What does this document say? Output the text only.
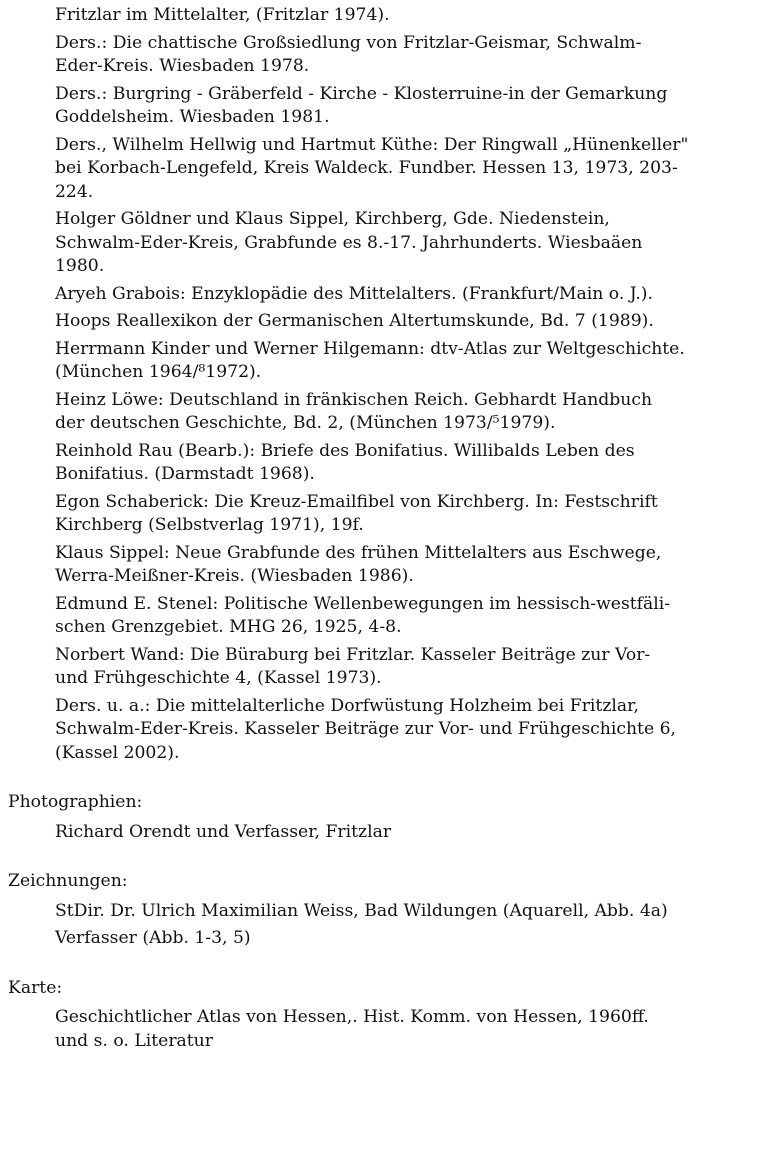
Fritzlar im Mittelalter, (Fritzlar 1974).
Ders.: Die chattische Großsiedlung von Fritzlar-Geismar, Schwalm-
Eder-Kreis. Wiesbaden 1978.
Ders.: Burgring - Gräberfeld - Kirche - Klosterruine-in der Gemarkung
Goddelsheim. Wiesbaden 1981.
Ders., Wilhelm Hellwig und Hartmut Küthe: Der Ringwall „Hünenkeller"
bei Korbach-Lengefeld, Kreis Waldeck. Fundber. Hessen 13, 1973, 203-
224.
Holger Göldner und Klaus Sippel, Kirchberg, Gde. Niedenstein,
Schwalm-Eder-Kreis, Grabfunde es 8.-17. Jahrhunderts. Wiesbaäen
1980.
Aryeh Grabois: Enzyklopädie des Mittelalters. (Frankfurt/Main o. J.).
Hoops Reallexikon der Germanischen Altertumskunde, Bd. 7 (1989).
Herrmann Kinder und Werner Hilgemann: dtv-Atlas zur Weltgeschichte.
(München 1964/⁸1972).
Heinz Löwe: Deutschland in fränkischen Reich. Gebhardt Handbuch
der deutschen Geschichte, Bd. 2, (München 1973/⁵1979).
Reinhold Rau (Bearb.): Briefe des Bonifatius. Willibalds Leben des
Bonifatius. (Darmstadt 1968).
Egon Schaberick: Die Kreuz-Emailfibel von Kirchberg. In: Festschrift
Kirchberg (Selbstverlag 1971), 19f.
Klaus Sippel: Neue Grabfunde des frühen Mittelalters aus Eschwege,
Werra-Meißner-Kreis. (Wiesbaden 1986).
Edmund E. Stenel: Politische Wellenbewegungen im hessisch-westfäli-
schen Grenzgebiet. MHG 26, 1925, 4-8.
Norbert Wand: Die Büraburg bei Fritzlar. Kasseler Beiträge zur Vor-
und Frühgeschichte 4, (Kassel 1973).
Ders. u. a.: Die mittelalterliche Dorfwüstung Holzheim bei Fritzlar,
Schwalm-Eder-Kreis. Kasseler Beiträge zur Vor- und Frühgeschichte 6,
(Kassel 2002).
Photographien:
Richard Orendt und Verfasser, Fritzlar
Zeichnungen:
StDir. Dr. Ulrich Maximilian Weiss, Bad Wildungen (Aquarell, Abb. 4a)
Verfasser (Abb. 1-3, 5)
Karte:
Geschichtlicher Atlas von Hessen,. Hist. Komm. von Hessen, 1960ff.
und s. o. Literatur
